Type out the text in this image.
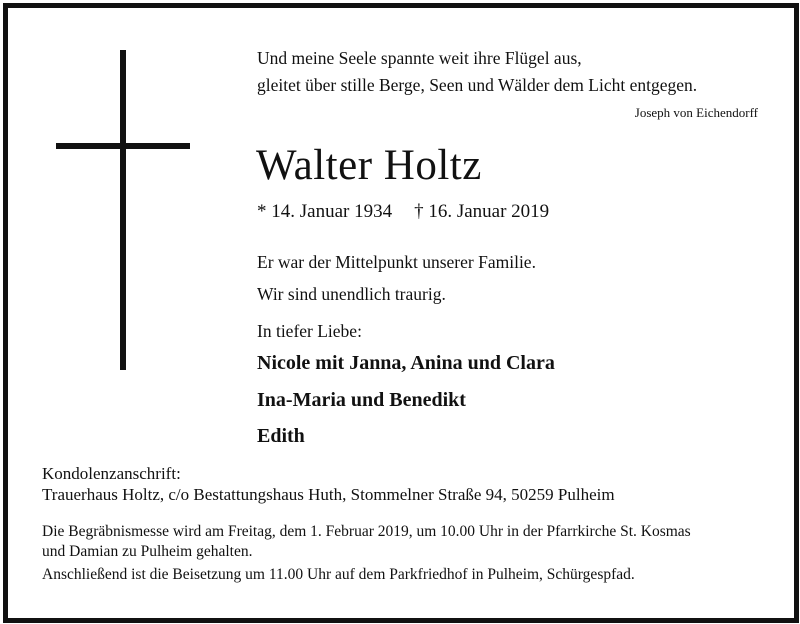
Und meine Seele spannte weit ihre Flügel aus,
gleitet über stille Berge, Seen und Wälder dem Licht entgegen.
Joseph von Eichendorff
Walter Holtz
* 14. Januar 1934 † 16. Januar 2019
Er war der Mittelpunkt unserer Familie.
Wir sind unendlich traurig.
In tiefer Liebe:
Nicole mit Janna, Anina und Clara
Ina-Maria und Benedikt
Edith
Kondolenzanschrift:
Trauerhaus Holtz, c/o Bestattungshaus Huth, Stommelner Straße 94, 50259 Pulheim
Die Begräbnismesse wird am Freitag, dem 1. Februar 2019, um 10.00 Uhr in der Pfarrkirche St. Kosmas
und Damian zu Pulheim gehalten.
Anschließend ist die Beisetzung um 11.00 Uhr auf dem Parkfriedhof in Pulheim, Schürgespfad.
